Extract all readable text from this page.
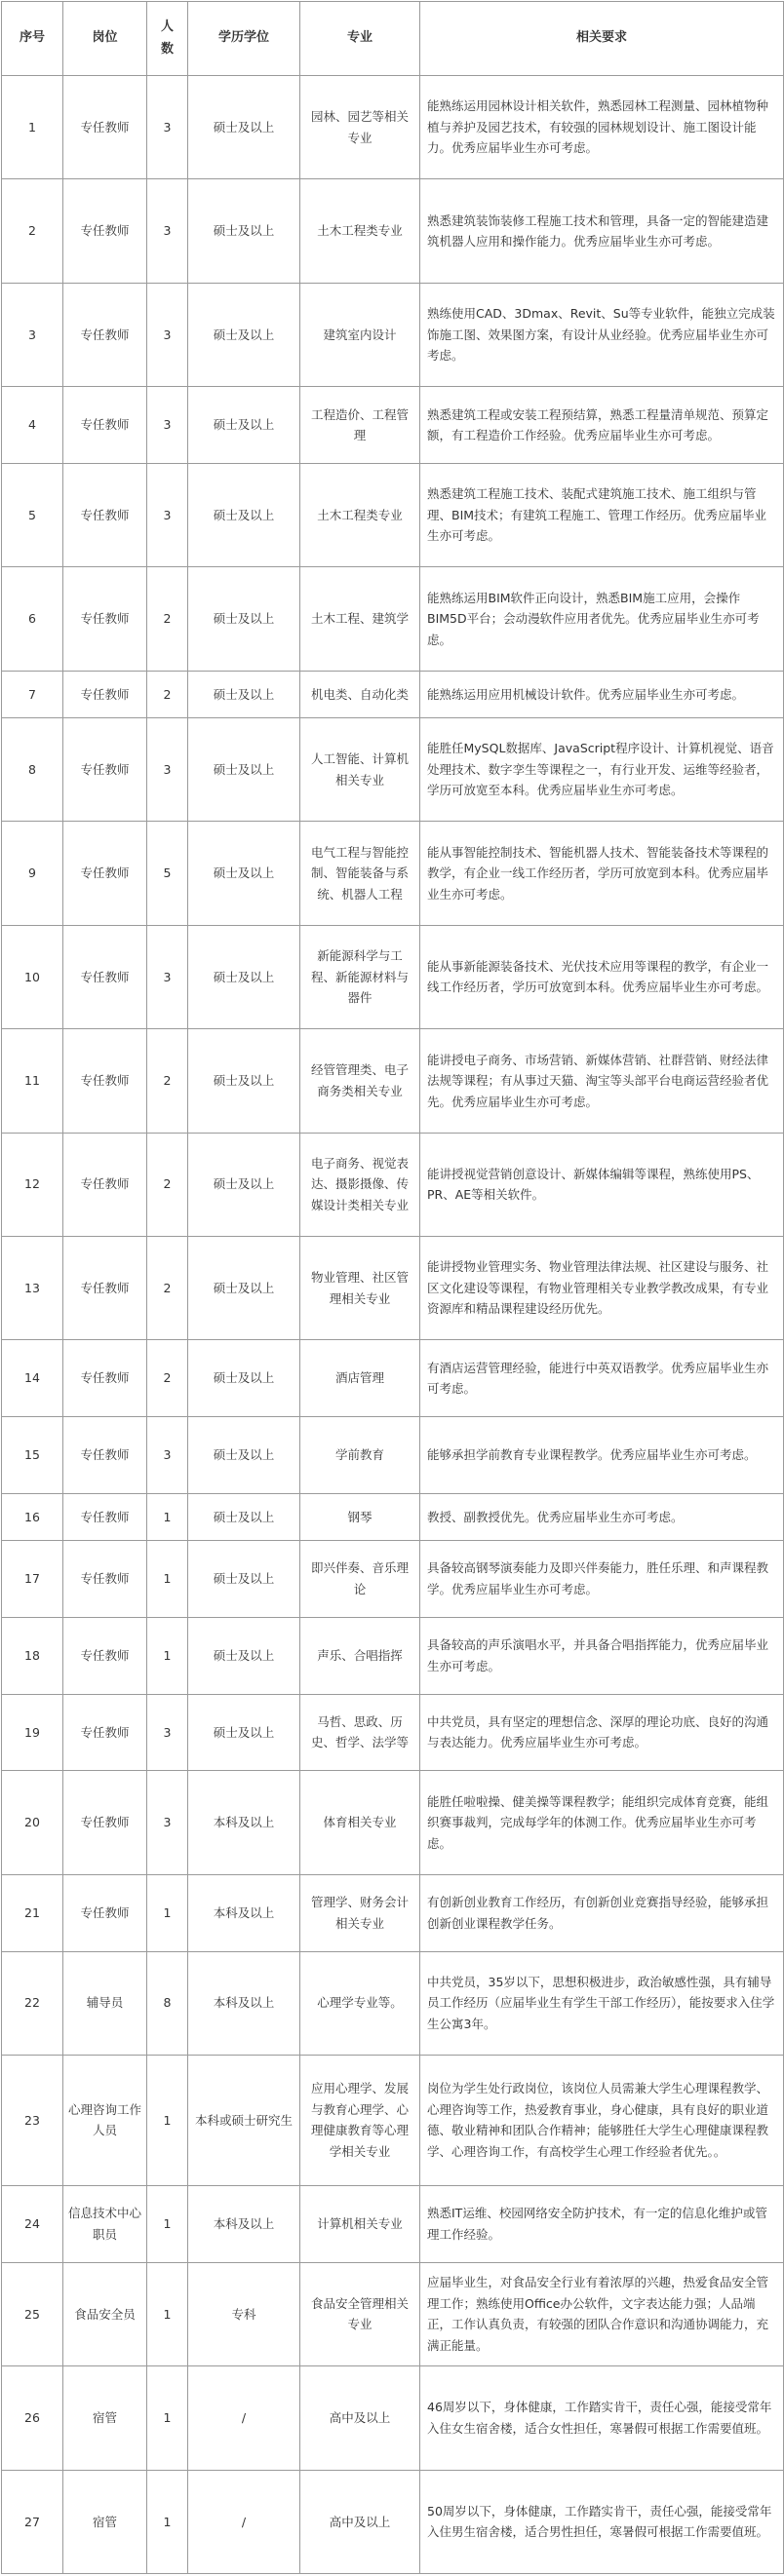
序号	岗位	人数	学历学位	专业	相关要求
1	专任教师	3	硕士及以上	园林、园艺等相关专业	能熟练运用园林设计相关软件，熟悉园林工程测量、园林植物种植与养护及园艺技术，有较强的园林规划设计、施工图设计能力。优秀应届毕业生亦可考虑。
2	专任教师	3	硕士及以上	土木工程类专业	熟悉建筑装饰装修工程施工技术和管理，具备一定的智能建造建筑机器人应用和操作能力。优秀应届毕业生亦可考虑。
3	专任教师	3	硕士及以上	建筑室内设计	熟练使用CAD、3Dmax、Revit、Su等专业软件，能独立完成装饰施工图、效果图方案，有设计从业经验。优秀应届毕业生亦可考虑。
4	专任教师	3	硕士及以上	工程造价、工程管理	熟悉建筑工程或安装工程预结算，熟悉工程量清单规范、预算定额，有工程造价工作经验。优秀应届毕业生亦可考虑。
5	专任教师	3	硕士及以上	土木工程类专业	熟悉建筑工程施工技术、装配式建筑施工技术、施工组织与管理、BIM技术；有建筑工程施工、管理工作经历。优秀应届毕业生亦可考虑。
6	专任教师	2	硕士及以上	土木工程、建筑学	能熟练运用BIM软件正向设计，熟悉BIM施工应用，会操作BIM5D平台；会动漫软件应用者优先。优秀应届毕业生亦可考虑。
7	专任教师	2	硕士及以上	机电类、自动化类	能熟练运用应用机械设计软件。优秀应届毕业生亦可考虑。
8	专任教师	3	硕士及以上	人工智能、计算机相关专业	能胜任MySQL数据库、JavaScript程序设计、计算机视觉、语音处理技术、数字孪生等课程之一，有行业开发、运维等经验者，学历可放宽至本科。优秀应届毕业生亦可考虑。
9	专任教师	5	硕士及以上	电气工程与智能控制、智能装备与系统、机器人工程	能从事智能控制技术、智能机器人技术、智能装备技术等课程的教学，有企业一线工作经历者，学历可放宽到本科。优秀应届毕业生亦可考虑。
10	专任教师	3	硕士及以上	新能源科学与工程、新能源材料与器件	能从事新能源装备技术、光伏技术应用等课程的教学，有企业一线工作经历者，学历可放宽到本科。优秀应届毕业生亦可考虑。
11	专任教师	2	硕士及以上	经管管理类、电子商务类相关专业	能讲授电子商务、市场营销、新媒体营销、社群营销、财经法律法规等课程；有从事过天猫、淘宝等头部平台电商运营经验者优先。优秀应届毕业生亦可考虑。
12	专任教师	2	硕士及以上	电子商务、视觉表达、摄影摄像、传媒设计类相关专业	能讲授视觉营销创意设计、新媒体编辑等课程，熟练使用PS、PR、AE等相关软件。
13	专任教师	2	硕士及以上	物业管理、社区管理相关专业	能讲授物业管理实务、物业管理法律法规、社区建设与服务、社区文化建设等课程，有物业管理相关专业教学教改成果，有专业资源库和精品课程建设经历优先。
14	专任教师	2	硕士及以上	酒店管理	有酒店运营管理经验，能进行中英双语教学。优秀应届毕业生亦可考虑。
15	专任教师	3	硕士及以上	学前教育	能够承担学前教育专业课程教学。优秀应届毕业生亦可考虑。
16	专任教师	1	硕士及以上	钢琴	教授、副教授优先。优秀应届毕业生亦可考虑。
17	专任教师	1	硕士及以上	即兴伴奏、音乐理论	具备较高钢琴演奏能力及即兴伴奏能力，胜任乐理、和声课程教学。优秀应届毕业生亦可考虑。
18	专任教师	1	硕士及以上	声乐、合唱指挥	具备较高的声乐演唱水平，并具备合唱指挥能力，优秀应届毕业生亦可考虑。
19	专任教师	3	硕士及以上	马哲、思政、历史、哲学、法学等	中共党员，具有坚定的理想信念、深厚的理论功底、良好的沟通与表达能力。优秀应届毕业生亦可考虑。
20	专任教师	3	本科及以上	体育相关专业	能胜任啦啦操、健美操等课程教学；能组织完成体育竞赛，能组织赛事裁判，完成每学年的体测工作。优秀应届毕业生亦可考虑。
21	专任教师	1	本科及以上	管理学、财务会计相关专业	有创新创业教育工作经历，有创新创业竞赛指导经验，能够承担创新创业课程教学任务。
22	辅导员	8	本科及以上	心理学专业等。	中共党员，35岁以下，思想积极进步，政治敏感性强，具有辅导员工作经历（应届毕业生有学生干部工作经历），能按要求入住学生公寓3年。
23	心理咨询工作人员	1	本科或硕士研究生	应用心理学、发展与教育心理学、心理健康教育等心理学相关专业	岗位为学生处行政岗位，该岗位人员需兼大学生心理课程教学、心理咨询等工作，热爱教育事业，身心健康，具有良好的职业道德、敬业精神和团队合作精神；能够胜任大学生心理健康课程教学、心理咨询工作，有高校学生心理工作经验者优先。。
24	信息技术中心职员	1	本科及以上	计算机相关专业	熟悉IT运维、校园网络安全防护技术，有一定的信息化维护或管理工作经验。
25	食品安全员	1	专科	食品安全管理相关专业	应届毕业生，对食品安全行业有着浓厚的兴趣，热爱食品安全管理工作；熟练使用Office办公软件，文字表达能力强；人品端正，工作认真负责，有较强的团队合作意识和沟通协调能力，充满正能量。
26	宿管	1	/	高中及以上	46周岁以下，身体健康，工作踏实肯干，责任心强，能接受常年入住女生宿舍楼，适合女性担任，寒暑假可根据工作需要值班。
27	宿管	1	/	高中及以上	50周岁以下，身体健康，工作踏实肯干，责任心强，能接受常年入住男生宿舍楼，适合男性担任，寒暑假可根据工作需要值班。
